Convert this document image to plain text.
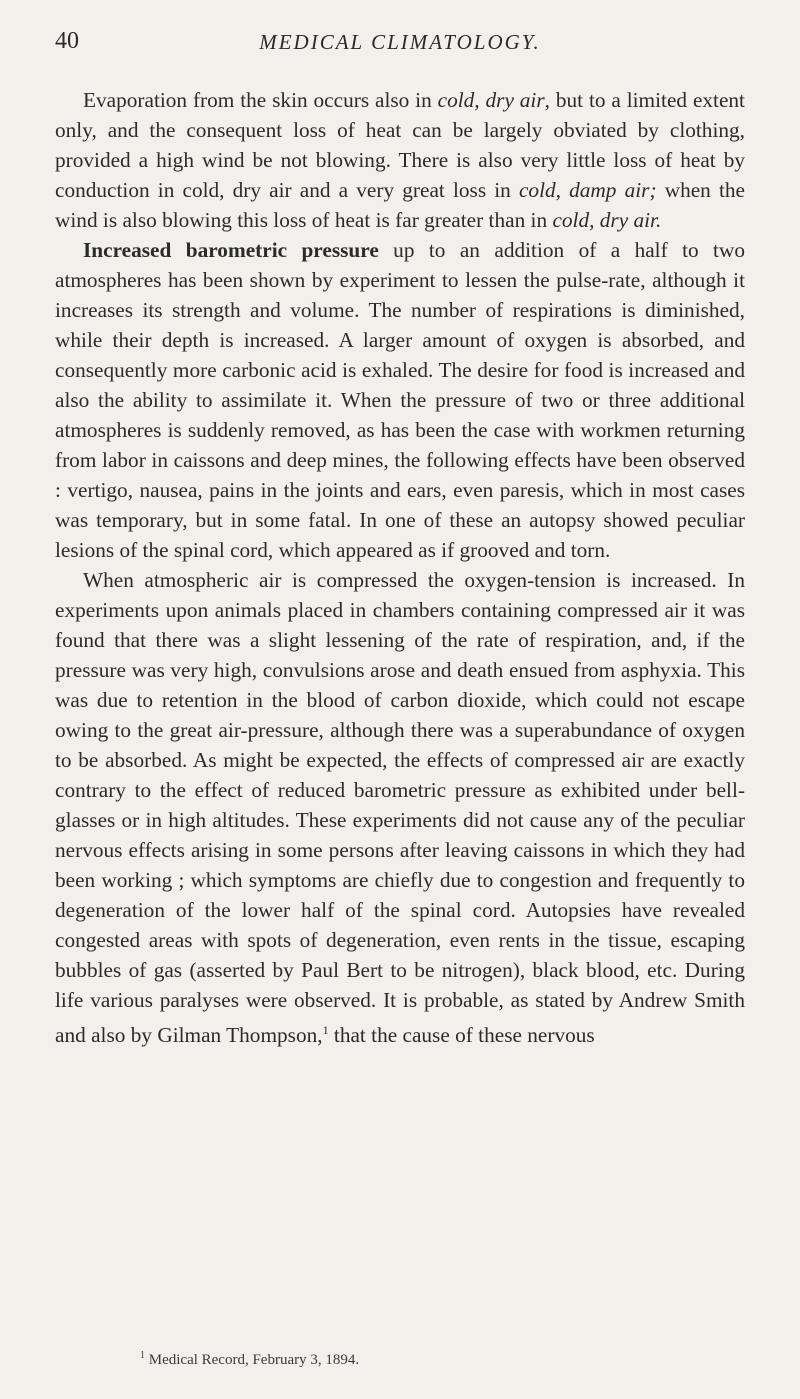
40	MEDICAL CLIMATOLOGY.

Evaporation from the skin occurs also in cold, dry air, but to a limited extent only, and the consequent loss of heat can be largely obviated by clothing, provided a high wind be not blowing. There is also very little loss of heat by conduction in cold, dry air and a very great loss in cold, damp air; when the wind is also blowing this loss of heat is far greater than in cold, dry air.

Increased barometric pressure up to an addition of a half to two atmospheres has been shown by experiment to lessen the pulse-rate, although it increases its strength and volume. The number of respirations is diminished, while their depth is increased. A larger amount of oxygen is absorbed, and consequently more carbonic acid is exhaled. The desire for food is increased and also the ability to assimilate it. When the pressure of two or three additional atmospheres is suddenly removed, as has been the case with workmen returning from labor in caissons and deep mines, the following effects have been observed : vertigo, nausea, pains in the joints and ears, even paresis, which in most cases was temporary, but in some fatal. In one of these an autopsy showed peculiar lesions of the spinal cord, which appeared as if grooved and torn.

When atmospheric air is compressed the oxygen-tension is increased. In experiments upon animals placed in chambers containing compressed air it was found that there was a slight lessening of the rate of respiration, and, if the pressure was very high, convulsions arose and death ensued from asphyxia. This was due to retention in the blood of carbon dioxide, which could not escape owing to the great air-pressure, although there was a superabundance of oxygen to be absorbed. As might be expected, the effects of compressed air are exactly contrary to the effect of reduced barometric pressure as exhibited under bell-glasses or in high altitudes. These experiments did not cause any of the peculiar nervous effects arising in some persons after leaving caissons in which they had been working ; which symptoms are chiefly due to congestion and frequently to degeneration of the lower half of the spinal cord. Autopsies have revealed congested areas with spots of degeneration, even rents in the tissue, escaping bubbles of gas (asserted by Paul Bert to be nitrogen), black blood, etc. During life various paralyses were observed. It is probable, as stated by Andrew Smith and also by Gilman Thompson,$^1$ that the cause of these nervous

$^1$ Medical Record, February 3, 1894.
